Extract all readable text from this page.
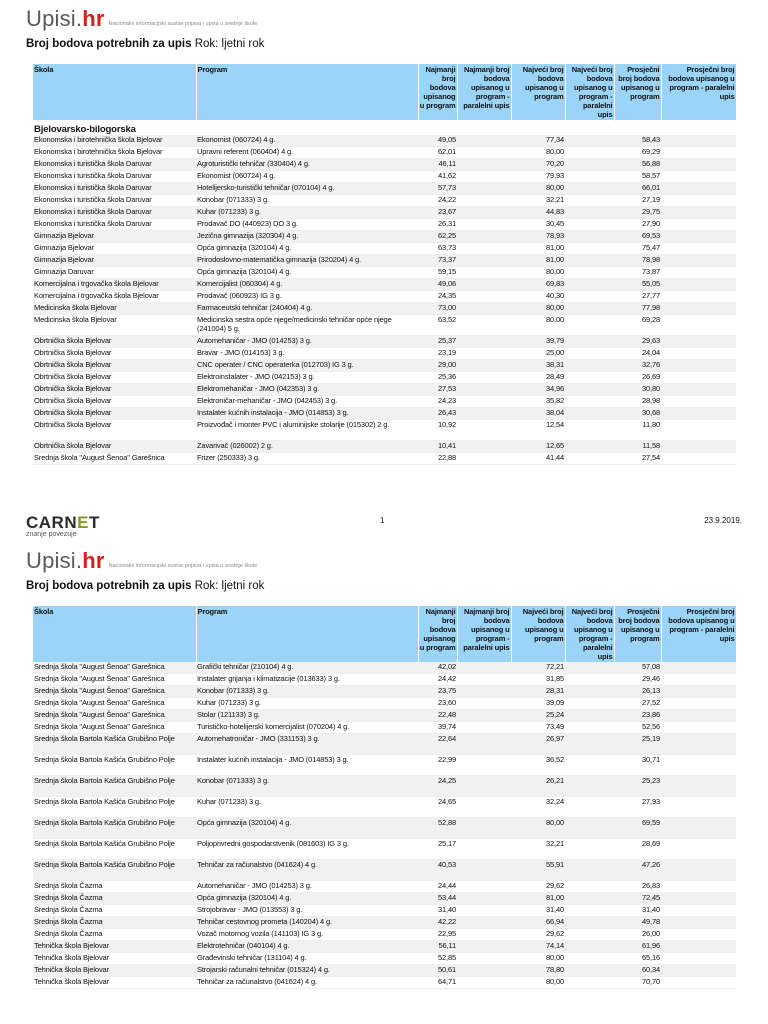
Upisi.hr Nacionalni informacijski sustav prijava i upisa u srednje škole
Broj bodova potrebnih za upis Rok: ljetni rok
Škola	Program	Najmanji broj bodova upisanog u program	Najmanji broj bodova upisanog u program - paralelni upis	Najveći broj bodova upisanog u program	Najveći broj bodova upisanog u program - paralelni upis	Prosječni broj bodova upisanog u program	Prosječni broj bodova upisanog u program - paralelni upis
Bjelovarsko-bilogorska							
Ekonomska i birotehnička škola Bjelovar	Ekonomist (060724) 4 g.	49,05		77,34		58,43	
Ekonomska i birotehnička škola Bjelovar	Upravni referent (060404) 4 g.	62,01		80,00		69,29	
Ekonomska i turistička škola Daruvar	Agroturistički tehničar (330404) 4 g.	46,11		70,20		56,88	
Ekonomska i turistička škola Daruvar	Ekonomist (060724) 4 g.	41,62		79,93		58,57	
Ekonomska i turistička škola Daruvar	Hotelijersko-turistički tehničar (070104) 4 g.	57,73		80,00		66,01	
Ekonomska i turistička škola Daruvar	Konobar (071333) 3 g.	24,22		32,21		27,19	
Ekonomska i turistička škola Daruvar	Kuhar (071233) 3 g.	23,67		44,83		29,75	
Ekonomska i turistička škola Daruvar	Prodavač DO (440923) DO 3 g.	26,31		30,45		27,90	
Gimnazija Bjelovar	Jezična gimnazija (320304) 4 g.	62,25		78,93		69,53	
Gimnazija Bjelovar	Opća gimnazija (320104) 4 g.	63,73		81,00		75,47	
Gimnazija Bjelovar	Prirodoslovno-matematička gimnazija (320204) 4 g.	73,37		81,00		78,98	
Gimnazija Daruvar	Opća gimnazija (320104) 4 g.	59,15		80,00		73,87	
Komercijalna i trgovačka škola Bjelovar	Komercijalist (060304) 4 g.	49,06		69,83		55,05	
Komercijalna i trgovačka škola Bjelovar	Prodavač (060923) IG 3 g.	24,35		40,30		27,77	
Medicinska škola Bjelovar	Farmaceutski tehničar (240404) 4 g.	73,00		80,00		77,98	
Medicinska škola Bjelovar	Medicinska sestra opće njege/medicinski tehničar opće njege (241004) 5 g.	63,52		80,00		69,28	
Obrtnička škola Bjelovar	Automehaničar - JMO (014253) 3 g.	25,37		39,79		29,63	
Obrtnička škola Bjelovar	Bravar - JMO (014153) 3 g.	23,19		25,00		24,04	
Obrtnička škola Bjelovar	CNC operater / CNC operaterka (012703) IG 3 g.	29,00		38,31		32,76	
Obrtnička škola Bjelovar	Elektroinstalater - JMO (042153) 3 g.	25,36		28,49		26,69	
Obrtnička škola Bjelovar	Elektromehaničar - JMO (042353) 3 g.	27,53		34,96		30,80	
Obrtnička škola Bjelovar	Elektroničar-mehaničar - JMO (042453) 3 g.	24,23		35,82		28,98	
Obrtnička škola Bjelovar	Instalater kućnih instalacija - JMO (014853) 3 g.	26,43		38,04		30,68	
Obrtnička škola Bjelovar	Proizvođač i monter PVC i aluminijske stolarije (015302) 2 g.	10,92		12,54		11,80	
Obrtnička škola Bjelovar	Zavarivač (026002) 2 g.	10,41		12,65		11,58	
Srednja škola "August Šenoa" Garešnica	Frizer (250333) 3 g.	22,88		41,44		27,54	
CARNET
znanje povezuje
1	23.9.2019.
Upisi.hr Nacionalni informacijski sustav prijava i upisa u srednje škole
Broj bodova potrebnih za upis Rok: ljetni rok
Škola	Program	Najmanji broj bodova upisanog u program	Najmanji broj bodova upisanog u program - paralelni upis	Najveći broj bodova upisanog u program	Najveći broj bodova upisanog u program - paralelni upis	Prosječni broj bodova upisanog u program	Prosječni broj bodova upisanog u program - paralelni upis
Srednja škola "August Šenoa" Garešnica	Grafički tehničar (210104) 4 g.	42,02		72,21		57,08	
Srednja škola "August Šenoa" Garešnica	Instalater grijanja i klimatizacije (013633) 3 g.	24,42		31,85		29,46	
Srednja škola "August Šenoa" Garešnica	Konobar (071333) 3 g.	23,75		28,31		26,13	
Srednja škola "August Šenoa" Garešnica	Kuhar (071233) 3 g.	23,60		39,09		27,52	
Srednja škola "August Šenoa" Garešnica	Stolar (121133) 3 g.	22,48		25,24		23,86	
Srednja škola "August Šenoa" Garešnica	Turističko-hotelijerski komercijalist (070204) 4 g.	39,74		73,49		52,56	
Srednja škola Bartola Kašića Grubišno Polje	Automehatroničar - JMO (331153) 3 g.	22,64		26,97		25,19	
Srednja škola Bartola Kašića Grubišno Polje	Instalater kućnih instalacija - JMO (014853) 3 g.	22,99		36,52		30,71	
Srednja škola Bartola Kašića Grubišno Polje	Konobar (071333) 3 g.	24,25		26,21		25,23	
Srednja škola Bartola Kašića Grubišno Polje	Kuhar (071233) 3 g.	24,65		32,24		27,93	
Srednja škola Bartola Kašića Grubišno Polje	Opća gimnazija (320104) 4 g.	52,88		80,00		69,59	
Srednja škola Bartola Kašića Grubišno Polje	Poljoprivredni gospodarstvenik (081603) IG 3 g.	25,17		32,21		28,69	
Srednja škola Bartola Kašića Grubišno Polje	Tehničar za računalstvo (041624) 4 g.	40,53		55,91		47,26	
Srednja škola Čazma	Automehaničar - JMO (014253) 3 g.	24,44		29,62		26,83	
Srednja škola Čazma	Opća gimnazija (320104) 4 g.	53,44		81,00		72,45	
Srednja škola Čazma	Strojobravar - JMO (013553) 3 g.	31,40		31,40		31,40	
Srednja škola Čazma	Tehničar cestovnog prometa (140204) 4 g.	42,22		66,94		49,78	
Srednja škola Čazma	Vozač motornog vozila (141103) IG 3 g.	22,95		29,62		26,00	
Tehnička škola Bjelovar	Elektrotehničar (040104) 4 g.	56,11		74,14		61,96	
Tehnička škola Bjelovar	Građevinski tehničar (131104) 4 g.	52,85		80,00		65,16	
Tehnička škola Bjelovar	Strojarski računalni tehničar (015324) 4 g.	50,61		78,80		60,34	
Tehnička škola Bjelovar	Tehničar za računalstvo (041624) 4 g.	64,71		80,00		70,70	
